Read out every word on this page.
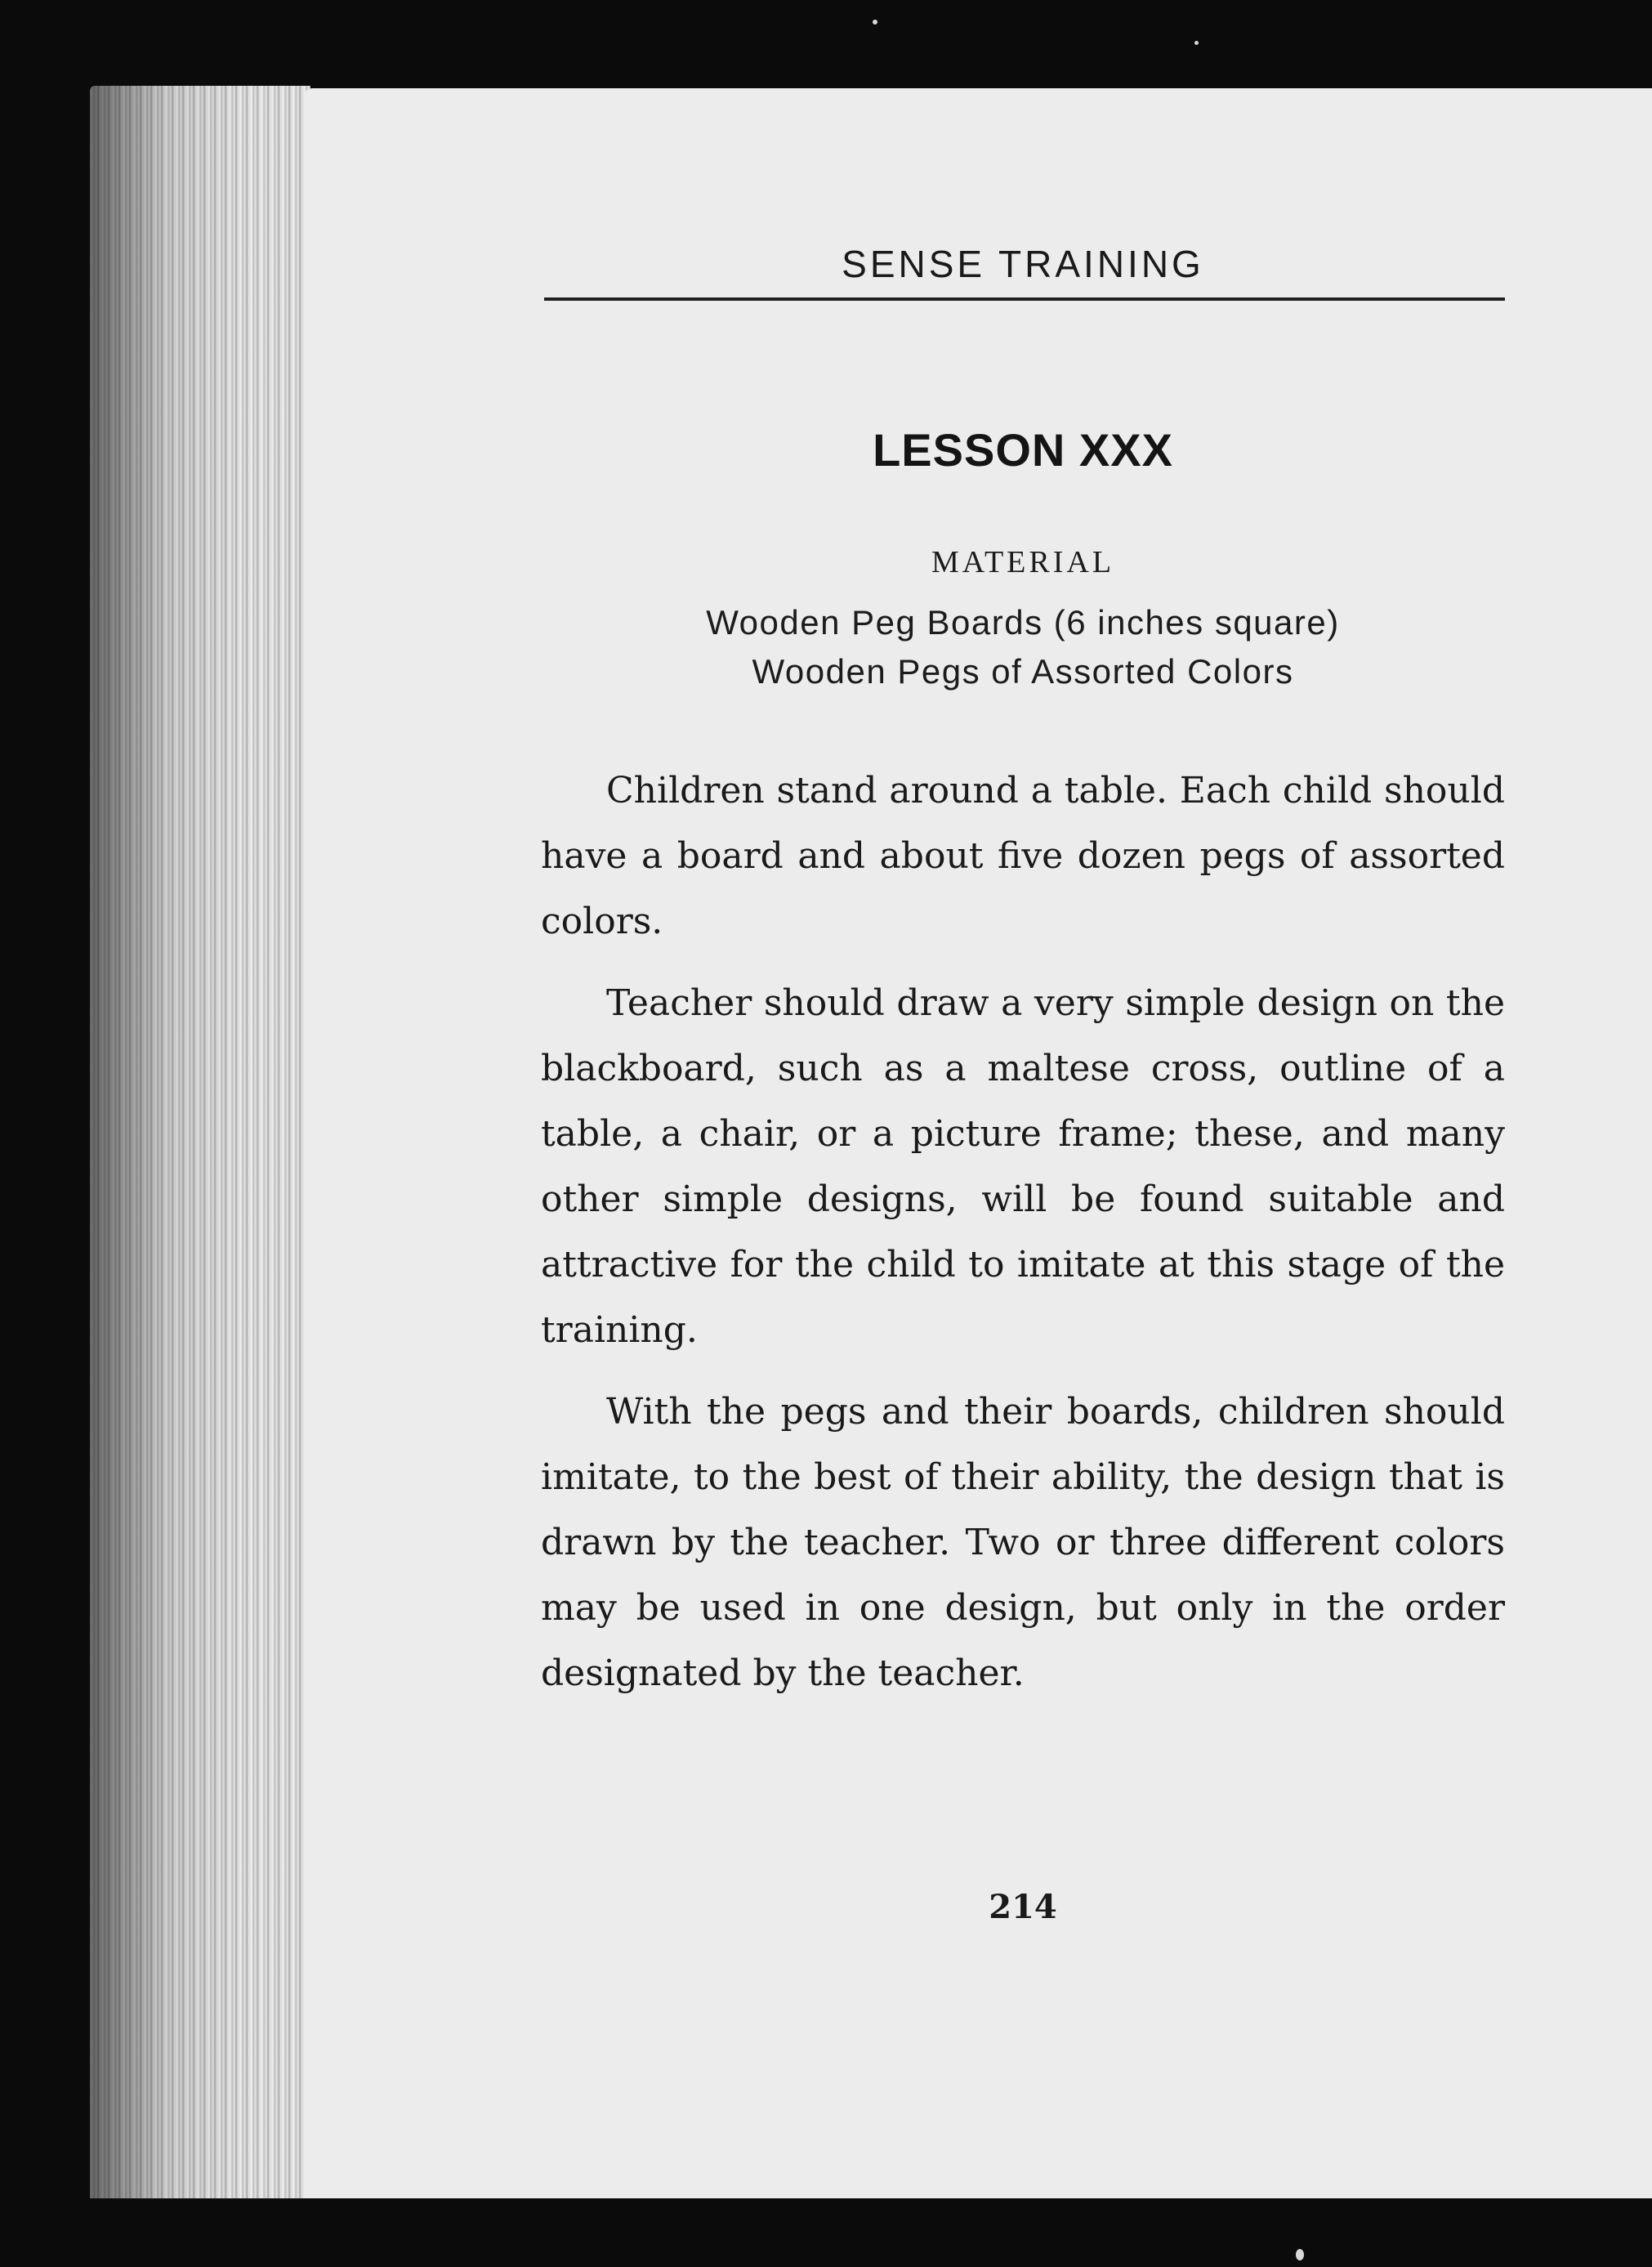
SENSE TRAINING
LESSON XXX
MATERIAL
Wooden Peg Boards (6 inches square)
Wooden Pegs of Assorted Colors

Children stand around a table. Each child should have a board and about five dozen pegs of assorted colors.

Teacher should draw a very simple design on the blackboard, such as a maltese cross, outline of a table, a chair, or a picture frame; these, and many other simple designs, will be found suitable and attractive for the child to imitate at this stage of the training.

With the pegs and their boards, children should imitate, to the best of their ability, the design that is drawn by the teacher. Two or three different colors may be used in one design, but only in the order designated by the teacher.

214
